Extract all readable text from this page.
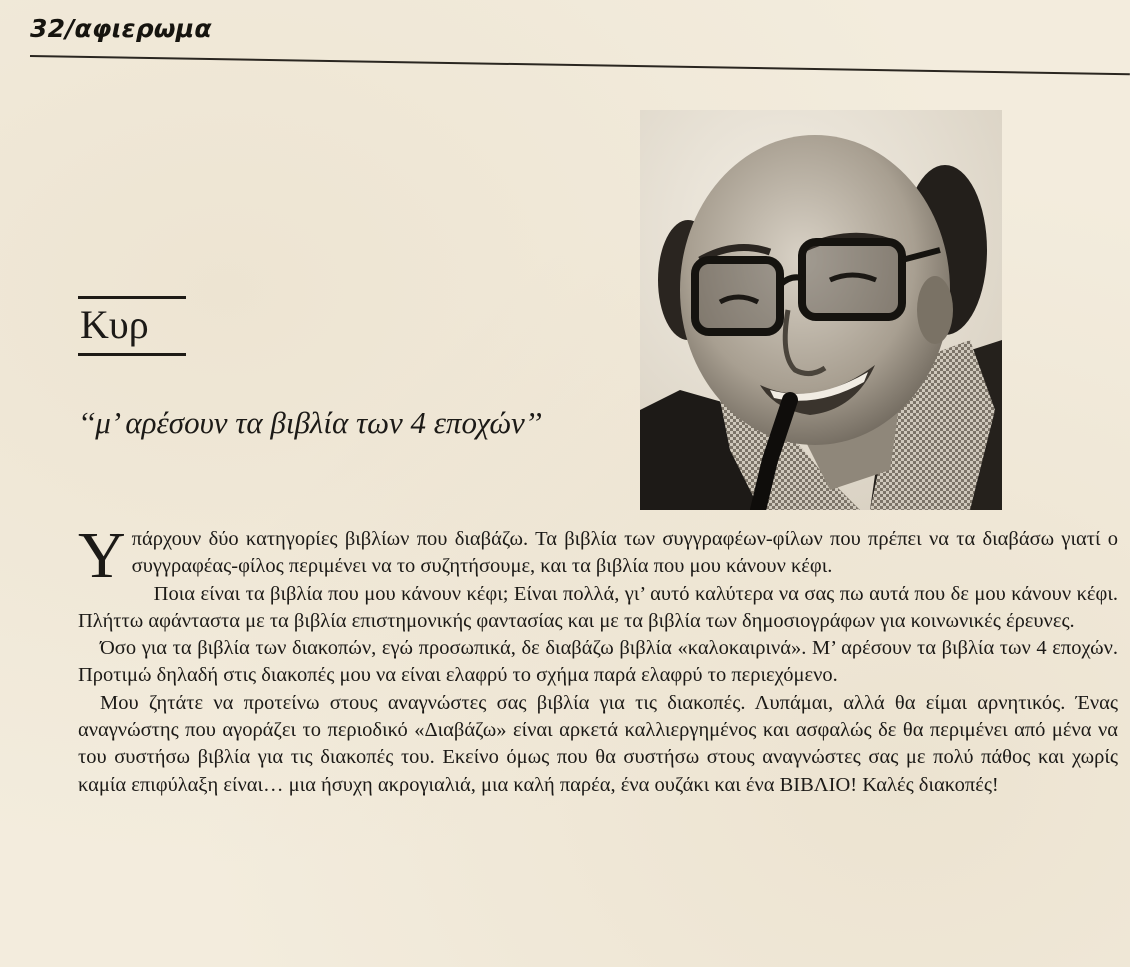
32/αφιερωμα
Κυρ
‘‘μ’ αρέσουν τα βιβλία των 4 εποχών’’

Υπάρχουν δύο κατηγορίες βιβλίων που διαβάζω. Τα βιβλία των συγγραφέων-φίλων που πρέπει να τα διαβάσω γιατί ο συγγραφέας-φίλος περιμένει να το συζητήσουμε, και τα βιβλία που μου κάνουν κέφι.

Ποια είναι τα βιβλία που μου κάνουν κέφι; Είναι πολλά, γι’ αυτό καλύτερα να σας πω αυτά που δε μου κάνουν κέφι. Πλήττω αφάνταστα με τα βιβλία επιστημονικής φαντασίας και με τα βιβλία των δημοσιογράφων για κοινωνικές έρευνες.

Όσο για τα βιβλία των διακοπών, εγώ προσωπικά, δε διαβάζω βιβλία «καλοκαιρινά». Μ’ αρέσουν τα βιβλία των 4 εποχών. Προτιμώ δηλαδή στις διακοπές μου να είναι ελαφρύ το σχήμα παρά ελαφρύ το περιεχόμενο.

Μου ζητάτε να προτείνω στους αναγνώστες σας βιβλία για τις διακοπές. Λυπάμαι, αλλά θα είμαι αρνητικός. Ένας αναγνώστης που αγοράζει το περιοδικό «Διαβάζω» είναι αρκετά καλλιεργημένος και ασφαλώς δε θα περιμένει από μένα να του συστήσω βιβλία για τις διακοπές του. Εκείνο όμως που θα συστήσω στους αναγνώστες σας με πολύ πάθος και χωρίς καμία επιφύλαξη είναι… μια ήσυχη ακρογιαλιά, μια καλή παρέα, ένα ουζάκι και ένα ΒΙΒΛΙΟ! Καλές διακοπές!
